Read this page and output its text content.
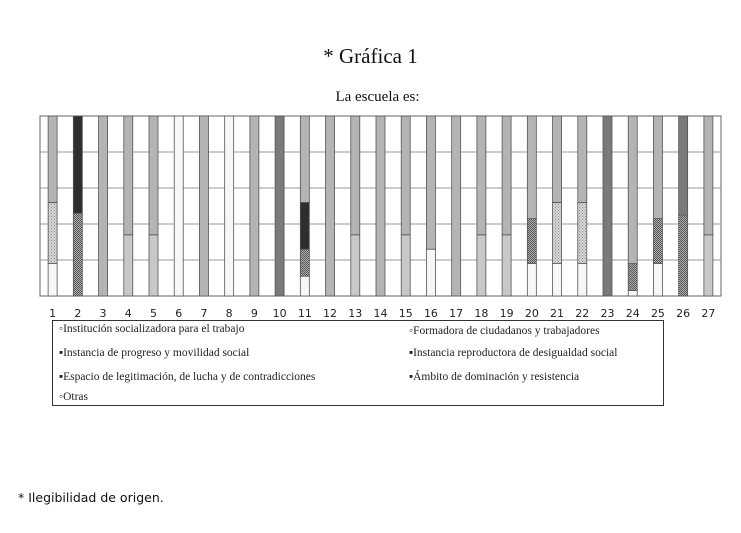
* Gráfica 1
La escuela es:
1 2 3 4 5 6 7 8 9 10 11 12 13 14 15 16 17 18 19 20 21 22 23 24 25 26 27
◦Institución socializadora para el trabajo	◦Formadora de ciudadanos y trabajadores
▪Instancia de progreso y movilidad social	▪Instancia reproductora de desigualdad social
▪Espacio de legitimación, de lucha y de contradicciones	▪Ámbito de dominación y resistencia
◦Otras
* Ilegibilidad de origen.
